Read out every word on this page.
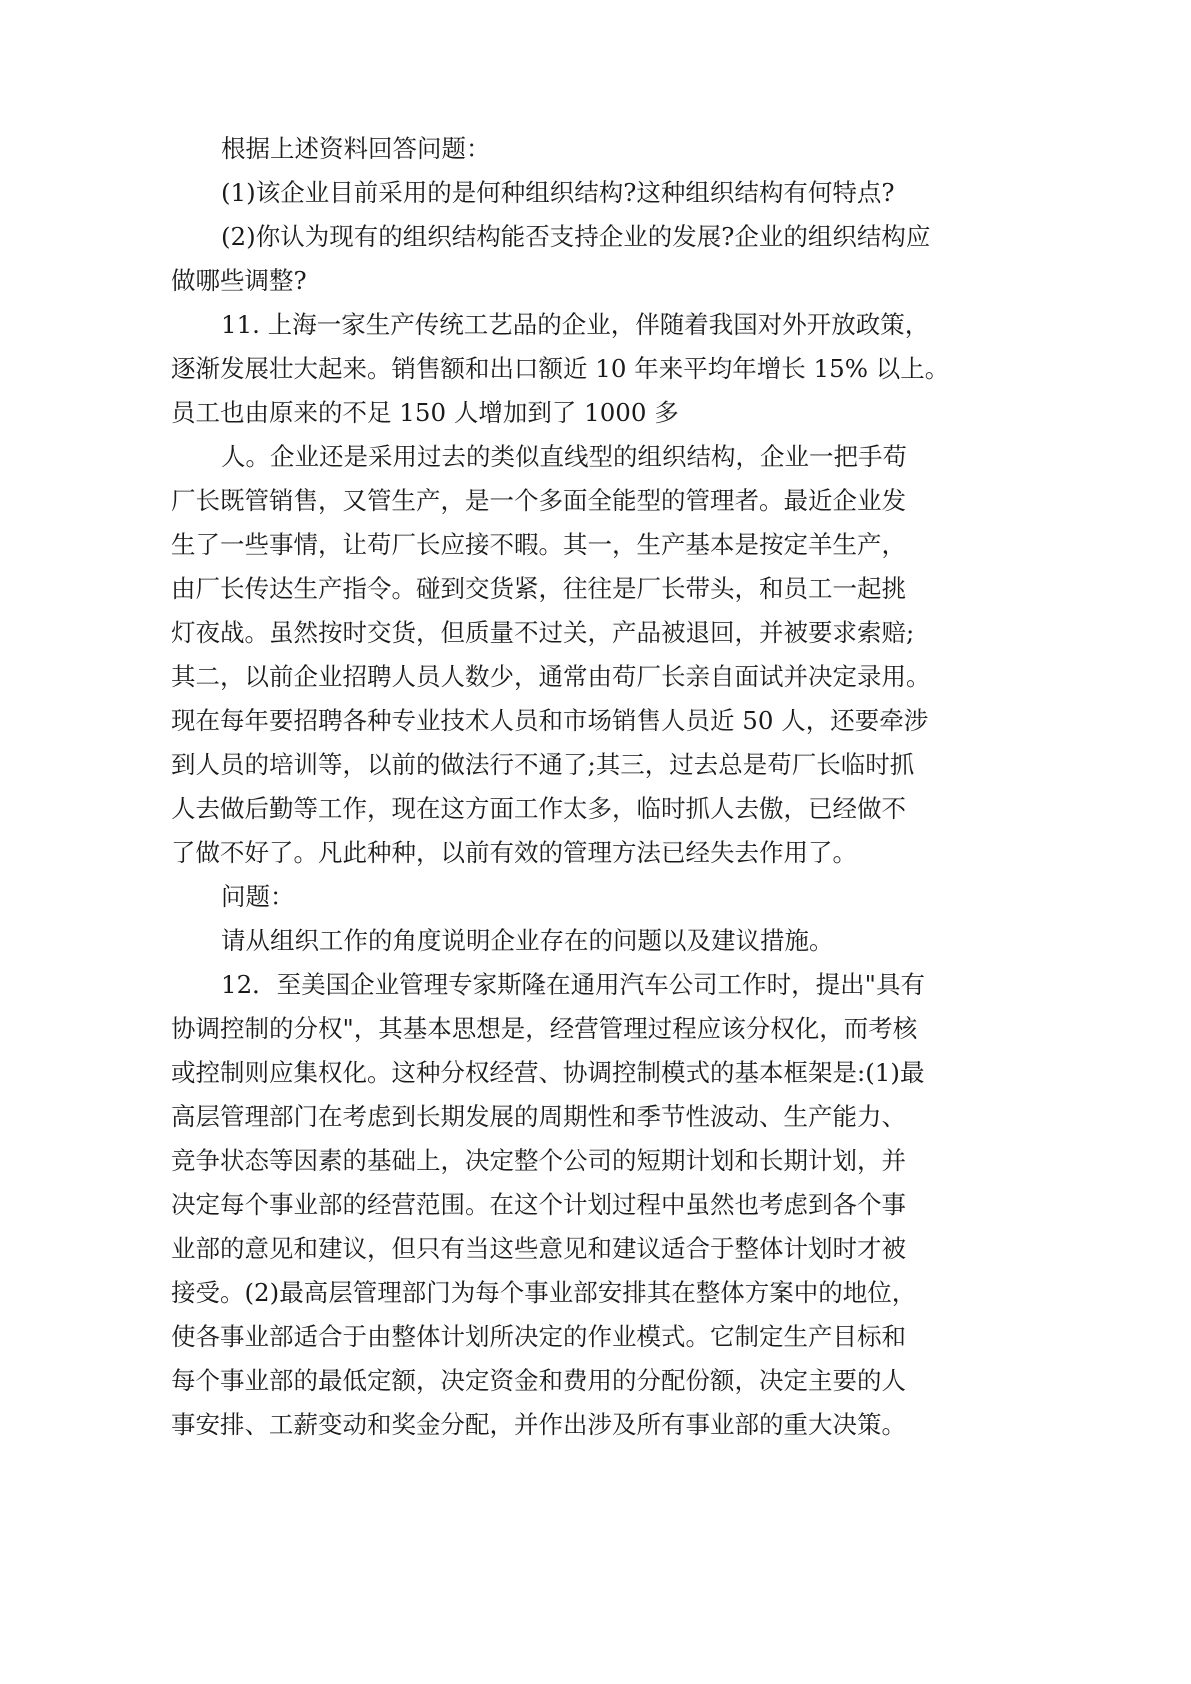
根据上述资料回答问题：
(1)该企业目前采用的是何种组织结构?这种组织结构有何特点?
(2)你认为现有的组织结构能否支持企业的发展?企业的组织结构应
做哪些调整?
11. 上海一家生产传统工艺品的企业，伴随着我国对外开放政策，
逐渐发展壮大起来。销售额和出口额近 10 年来平均年增长 15% 以上。
员工也由原来的不足 150 人增加到了 1000 多
人。企业还是采用过去的类似直线型的组织结构，企业一把手苟
厂长既管销售，又管生产，是一个多面全能型的管理者。最近企业发
生了一些事情，让苟厂长应接不暇。其一，生产基本是按定羊生产，
由厂长传达生产指令。碰到交货紧，往往是厂长带头，和员工一起挑
灯夜战。虽然按时交货，但质量不过关，产品被退回，并被要求索赔;
其二，以前企业招聘人员人数少，通常由苟厂长亲自面试并决定录用。
现在每年要招聘各种专业技术人员和市场销售人员近 50 人，还要牵涉
到人员的培训等，以前的做法行不通了;其三，过去总是苟厂长临时抓
人去做后勤等工作，现在这方面工作太多，临时抓人去傲，已经做不
了做不好了。凡此种种，以前有效的管理方法已经失去作用了。
问题：
请从组织工作的角度说明企业存在的问题以及建议措施。
12．至美国企业管理专家斯隆在通用汽车公司工作时，提出"具有
协调控制的分权"，其基本思想是，经营管理过程应该分权化，而考核
或控制则应集权化。这种分权经营、协调控制模式的基本框架是:(1)最
高层管理部门在考虑到长期发展的周期性和季节性波动、生产能力、
竞争状态等因素的基础上，决定整个公司的短期计划和长期计划，并
决定每个事业部的经营范围。在这个计划过程中虽然也考虑到各个事
业部的意见和建议，但只有当这些意见和建议适合于整体计划时才被
接受。(2)最高层管理部门为每个事业部安排其在整体方案中的地位，
使各事业部适合于由整体计划所决定的作业模式。它制定生产目标和
每个事业部的最低定额，决定资金和费用的分配份额，决定主要的人
事安排、工薪变动和奖金分配，并作出涉及所有事业部的重大决策。
